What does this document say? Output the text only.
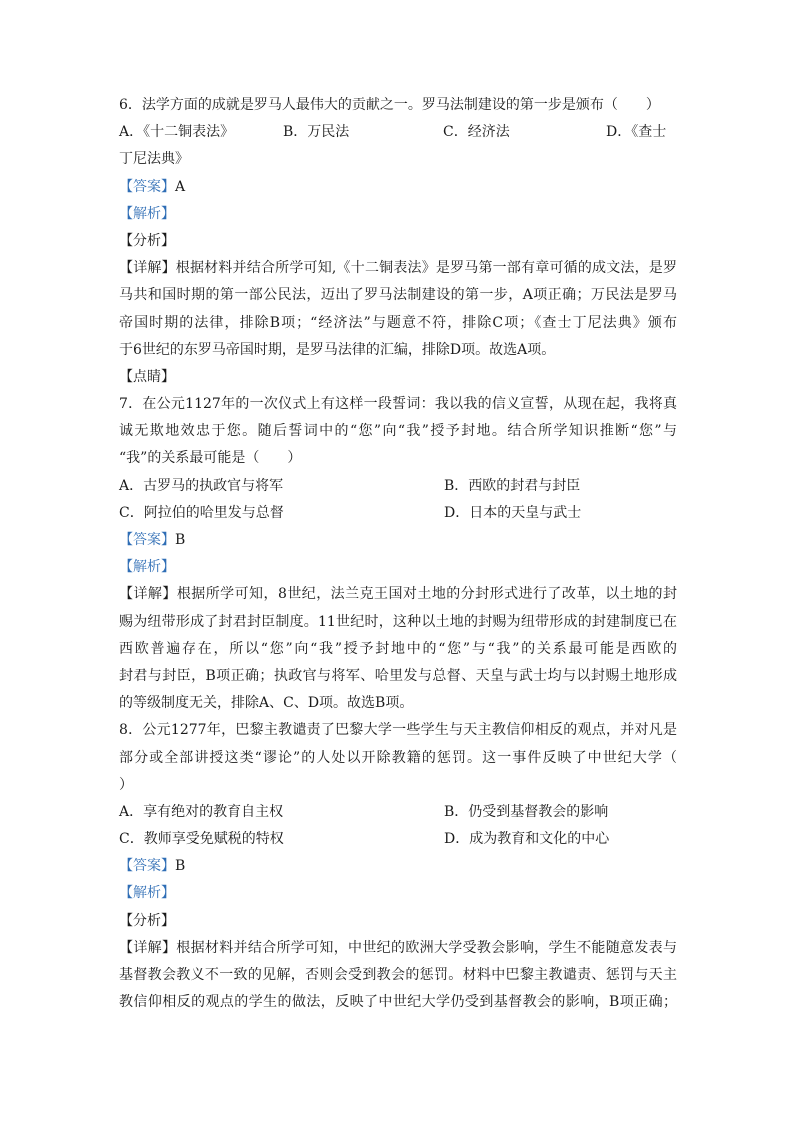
6．法学方面的成就是罗马人最伟大的贡献之一。罗马法制建设的第一步是颁布（　　）
A．《十二铜表法》	B．万民法	C．经济法	D．《查士
丁尼法典》
【答案】A
【解析】
【分析】
【详解】根据材料并结合所学可知,《十二铜表法》是罗马第一部有章可循的成文法，是罗
马共和国时期的第一部公民法，迈出了罗马法制建设的第一步，A项正确；万民法是罗马
帝国时期的法律，排除B项；“经济法”与题意不符，排除C项；《查士丁尼法典》颁布
于6世纪的东罗马帝国时期，是罗马法律的汇编，排除D项。故选A项。
【点睛】
7．在公元1127年的一次仪式上有这样一段誓词：我以我的信义宣誓，从现在起，我将真
诚无欺地效忠于您。随后誓词中的“您”向“我”授予封地。结合所学知识推断“您”与
“我”的关系最可能是（　　）
A．古罗马的执政官与将军	B．西欧的封君与封臣
C．阿拉伯的哈里发与总督	D．日本的天皇与武士
【答案】B
【解析】
【详解】根据所学可知，8世纪，法兰克王国对土地的分封形式进行了改革，以土地的封
赐为纽带形成了封君封臣制度。11世纪时，这种以土地的封赐为纽带形成的封建制度已在
西欧普遍存在，所以“您”向“我”授予封地中的“您”与“我”的关系最可能是西欧的
封君与封臣，B项正确；执政官与将军、哈里发与总督、天皇与武士均与以封赐土地形成
的等级制度无关，排除A、C、D项。故选B项。
8．公元1277年，巴黎主教谴责了巴黎大学一些学生与天主教信仰相反的观点，并对凡是
部分或全部讲授这类“谬论”的人处以开除教籍的惩罚。这一事件反映了中世纪大学（
）
A．享有绝对的教育自主权	B．仍受到基督教会的影响
C．教师享受免赋税的特权	D．成为教育和文化的中心
【答案】B
【解析】
【分析】
【详解】根据材料并结合所学可知，中世纪的欧洲大学受教会影响，学生不能随意发表与
基督教会教义不一致的见解，否则会受到教会的惩罚。材料中巴黎主教谴责、惩罚与天主
教信仰相反的观点的学生的做法，反映了中世纪大学仍受到基督教会的影响，B项正确；
